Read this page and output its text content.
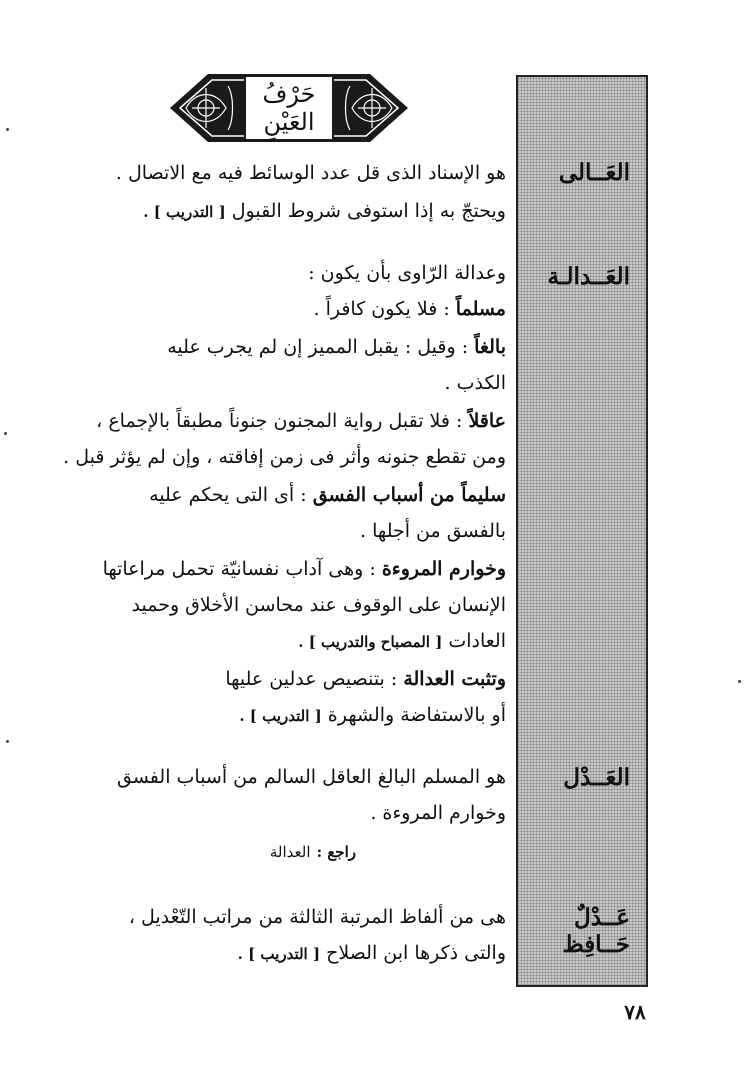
حَرْفُ
العَيْنِ
العَــالى
العَــدالـة
العَــدْل
عَــدْلٌ حَــافِظ
هو الإسناد الذى قل عدد الوسائط فيه مع الاتصال .
ويحتجّ به إذا استوفى شروط القبول [ التدريب ] .
وعدالة الرّاوى بأن يكون :
مسلماً : فلا يكون كافراً .
بالغاً : وقيل : يقبل المميز إن لم يجرب عليه
الكذب .
عاقلاً : فلا تقبل رواية المجنون جنوناً مطبقاً بالإجماع ،
ومن تقطع جنونه وأثر فى زمن إفاقته ، وإن لم يؤثر قبل .
سليماً من أسباب الفسق : أى التى يحكم عليه
بالفسق من أجلها .
وخوارم المروءة : وهى آداب نفسانيّة تحمل مراعاتها
الإنسان على الوقوف عند محاسن الأخلاق وحميد
العادات [ المصباح والتدريب ] .
وتثبت العدالة : بتنصيص عدلين عليها
أو بالاستفاضة والشهرة [ التدريب ] .
هو المسلم البالغ العاقل السالم من أسباب الفسق
وخوارم المروءة .
راجع : العدالة
هى من ألفاظ المرتبة الثالثة من مراتب التّعْديل ،
والتى ذكرها ابن الصلاح [ التدريب ] .
٧٨
